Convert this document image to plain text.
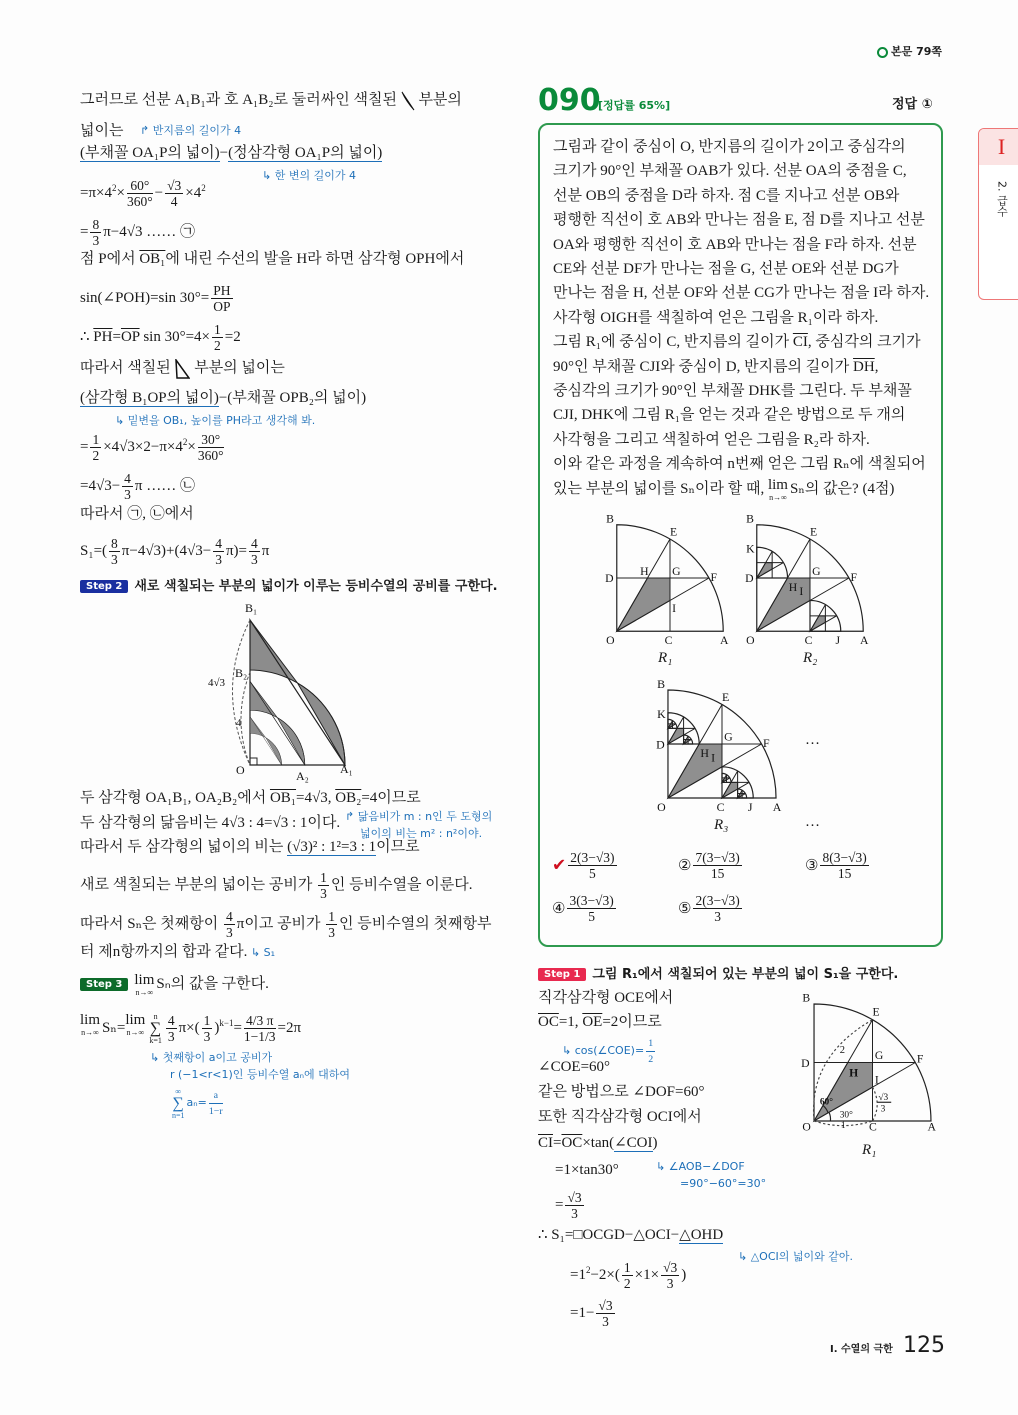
본문 79쪽
090
[정답률 65%]	정답 ①
I
2. 급수
그러므로 선분 A₁B₁과 호 A₁B₂로 둘러싸인 색칠된  부분의
넓이는 ↱ 반지름의 길이가 4
(부채꼴 OA₁P의 넓이)−(정삼각형 OA₁P의 넓이)
↳ 한 변의 길이가 4
$=\pi\times 4^2\times \frac{60^\circ}{360^\circ} - \frac{√3}{4} \times 4^2$
= $\frac{8}{3} \pi-4√3$ …… ㉠
점 P에서 OB₁에 내린 수선의 발을 H라 하면 삼각형 OPH에서
sin(∠POH)=sin $30^\circ= \frac{PH}{OP}$
∴ $\overline{PH}=\overline{OP}$ $\sin 30^\circ=4\times \frac{1}{2} =2$
따라서 색칠된  부분의 넓이는
(삼각형 B₁OP의 넓이)−(부채꼴 OPB₂의 넓이)
↳ 밑변을 OB₁, 높이를 PH라고 생각해 봐.
= $\frac{1}{2} \times 4√3\times 2-\pi\times 4^2\times \frac{30^\circ}{360^\circ}$
$=4√3- \frac{4}{3}$ π …… ㉡
따라서 ㉠, ㉡에서
$S_1=( \frac{8}{3} \pi-4√3)+(4√3- \frac{4}{3} \pi)= \frac{4}{3}$ π
Step 2 새로 색칠되는 부분의 넓이가 이루는 등비수열의 공비를 구한다.
B₁
B₂
O	A₂	A₁
4√3
4
두 삼각형 OA₁B₁, OA₂B₂에서 OB₁=4√3, OB₂=4이므로
두 삼각형의 닮음비는 4√3 : 4=√3 : 1이다. ↱ 닮음비가 m : n인 두 도형의
넓이의 비는 m² : n²이야.
따라서 두 삼각형의 넓이의 비는 (√3)² : 1²=3 : 1이므로
새로 색칠되는 부분의 넓이는 공비가 $\frac{1}{3}$ 인 등비수열을 이룬다.
따라서 Sₙ은 첫째항이 $\frac{4}{3}$ π이고 공비가 $\frac{1}{3}$ 인 등비수열의 첫째항부
터 제n항까지의 합과 같다. ↳ S₁
Step 3 lim
n→∞
Sₙ의 값을 구한다.
lim
n→∞ Sₙ= lim
n→∞
n
∑
$k=1 \frac{4}{3} \pi\times( \frac{1}{3} )^{k-1}= \frac{4/3 \pi}{1-1/3} =2\pi$
↳ 첫째항이 a이고 공비가
r (−1<r<1)인 등비수열 aₙ에 대하여
∞
∑
n=1
$a_n= \frac{a}{1-r}$
그림과 같이 중심이 O, 반지름의 길이가 2이고 중심각의
크기가 90°인 부채꼴 OAB가 있다. 선분 OA의 중점을 C,
선분 OB의 중점을 D라 하자. 점 C를 지나고 선분 OB와
평행한 직선이 호 AB와 만나는 점을 E, 점 D를 지나고 선분
OA와 평행한 직선이 호 AB와 만나는 점을 F라 하자. 선분
CE와 선분 DF가 만나는 점을 G, 선분 OE와 선분 DG가
만나는 점을 H, 선분 OF와 선분 CG가 만나는 점을 I라 하자.
사각형 OIGH를 색칠하여 얻은 그림을 R₁이라 하자.
그림 R₁에 중심이 C, 반지름의 길이가 $\overline{CI}$, 중심각의 크기가
90°인 부채꼴 CJI와 중심이 D, 반지름의 길이가 $\overline{DH}$,
중심각의 크기가 90°인 부채꼴 DHK를 그린다. 두 부채꼴
CJI, DHK에 그림 R₁을 얻는 것과 같은 방법으로 두 개의
사각형을 그리고 색칠하여 얻은 그림을 R₂라 하자.
이와 같은 과정을 계속하여 n번째 얻은 그림 Rₙ에 색칠되어
있는 부분의 넓이를 Sₙ이라 할 때, lim
n→∞
Sₙ의 값은? (4점)
B
E
D
H G	F
I
O	C	A
R₁
B
E
K
D
H
G	F
I
O	C J A
R₂
B
E
K
D
H
G	F
I
O	C J A
R₃
…
…
✔ $\frac{2(3-√3)}{5}$	② $\frac{7(3-√3)}{15}$	③ $\frac{8(3-√3)}{15}$
④ $\frac{3(3-√3)}{5}$	⑤ $\frac{2(3-√3)}{3}$
Step 1 그림 R₁에서 색칠되어 있는 부분의 넓이 S₁을 구한다.
직각삼각형 OCE에서
$\overline{OC}=1$, $\overline{OE}=2$이므로
↳ cos(∠COE)= $\frac{1}{2}$
∠COE=60°
같은 방법으로 ∠DOF=60°
또한 직각삼각형 OCI에서
$\overline{CI}=\overline{OC}\times\tan(\angle COI)$
=1×tan30°	↳ ∠AOB−∠DOF
=90°−60°=30°
= $\frac{√3}{3}$
∴ S₁=□OCGD−△OCI−△OHD
↳ △OCI의 넓이와 같아.
$=1^2-2\times( \frac{1}{2} \times 1\times \frac{√3}{3}$ )
$=1- \frac{√3}{3}$
B
E
D
H
G	F
I
O	C	A
2
1
60°
30°
√3
3
R₁
I. 수열의 극한 125
